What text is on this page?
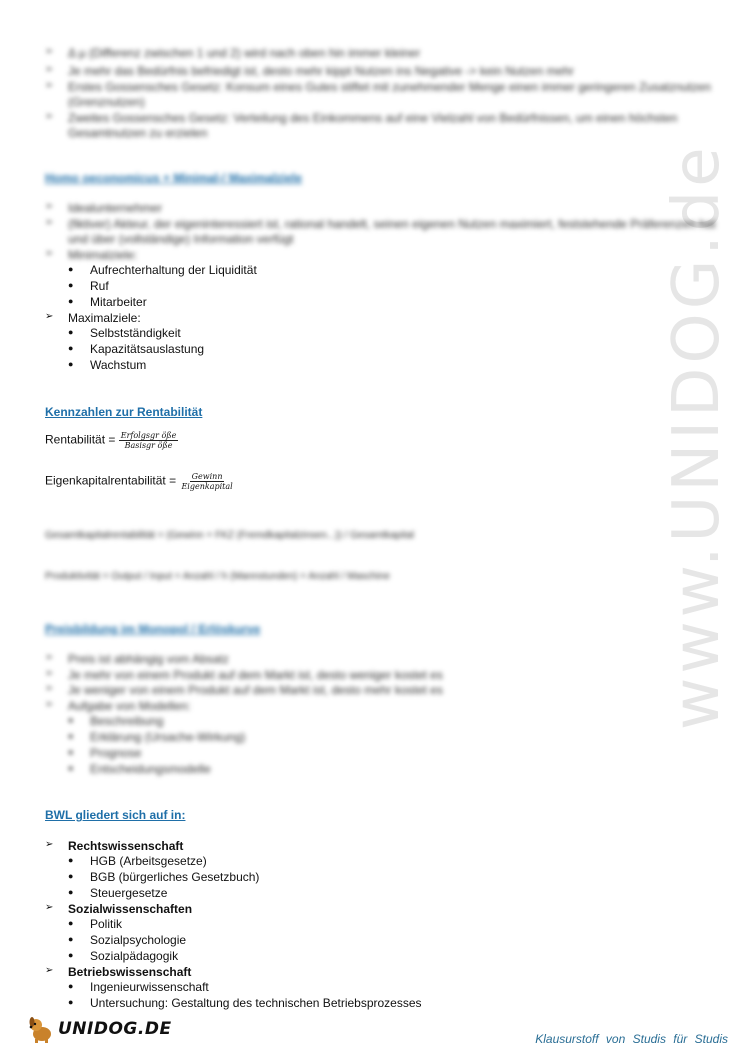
www.UNIDOG.de
➢	Δ µ (Differenz zwischen 1 und 2) wird nach oben hin immer kleiner
➢	Je mehr das Bedürfnis befriedigt ist, desto mehr kippt Nutzen ins Negative -> kein Nutzen mehr
➢	Erstes Gossensches Gesetz: Konsum eines Gutes stiftet mit zunehmender Menge einen immer geringeren Zusatznutzen
(Grenznutzen)
➢	Zweites Gossensches Gesetz: Verteilung des Einkommens auf eine Vielzahl von Bedürfnissen, um einen höchsten
Gesamtnutzen zu erzielen
Homo oeconomicus + Minimal-/ Maximalziele
➢	Idealunternehmer
➢	(fiktiver) Akteur, der eigeninteressiert ist, rational handelt, seinen eigenen Nutzen maximiert, feststehende Präferenzen hat
und über (vollständige) Information verfügt
➢	Minimalziele:
● Aufrechterhaltung der Liquidität
● Ruf
● Mitarbeiter
➢	Maximalziele:
● Selbstständigkeit
● Kapazitätsauslastung
● Wachstum
Kennzahlen zur Rentabilität
Rentabilität = $\frac{\text{Erfolgsgr öße}}{\text{Basisgr öße}}$
Eigenkapitalrentabilität = $\frac{\text{Gewinn}}{\text{Eigenkapital}}$
Gesamtkapitalrentabilität = (Gewinn + FKZ (Fremdkapitalzinsen...)) / Gesamtkapital
Produktivität = Output / Input = Anzahl / h (Mannstunden) = Anzahl / Maschine
Preisbildung im Monopol / Erlöskurve
➢	Preis ist abhängig vom Absatz
➢	Je mehr von einem Produkt auf dem Markt ist, desto weniger kostet es
➢	Je weniger von einem Produkt auf dem Markt ist, desto mehr kostet es
➢	Aufgabe von Modellen:
● Beschreibung
● Erklärung (Ursache-Wirkung)
● Prognose
● Entscheidungsmodelle
BWL gliedert sich auf in:
➢	Rechtswissenschaft
● HGB (Arbeitsgesetze)
● BGB (bürgerliches Gesetzbuch)
● Steuergesetze
➢	Sozialwissenschaften
● Politik
● Sozialpsychologie
● Sozialpädagogik
➢	Betriebswissenschaft
● Ingenieurwissenschaft
● Untersuchung: Gestaltung des technischen Betriebsprozesses
UNIDOG.DE	Klausurstoff von Studis für Studis
